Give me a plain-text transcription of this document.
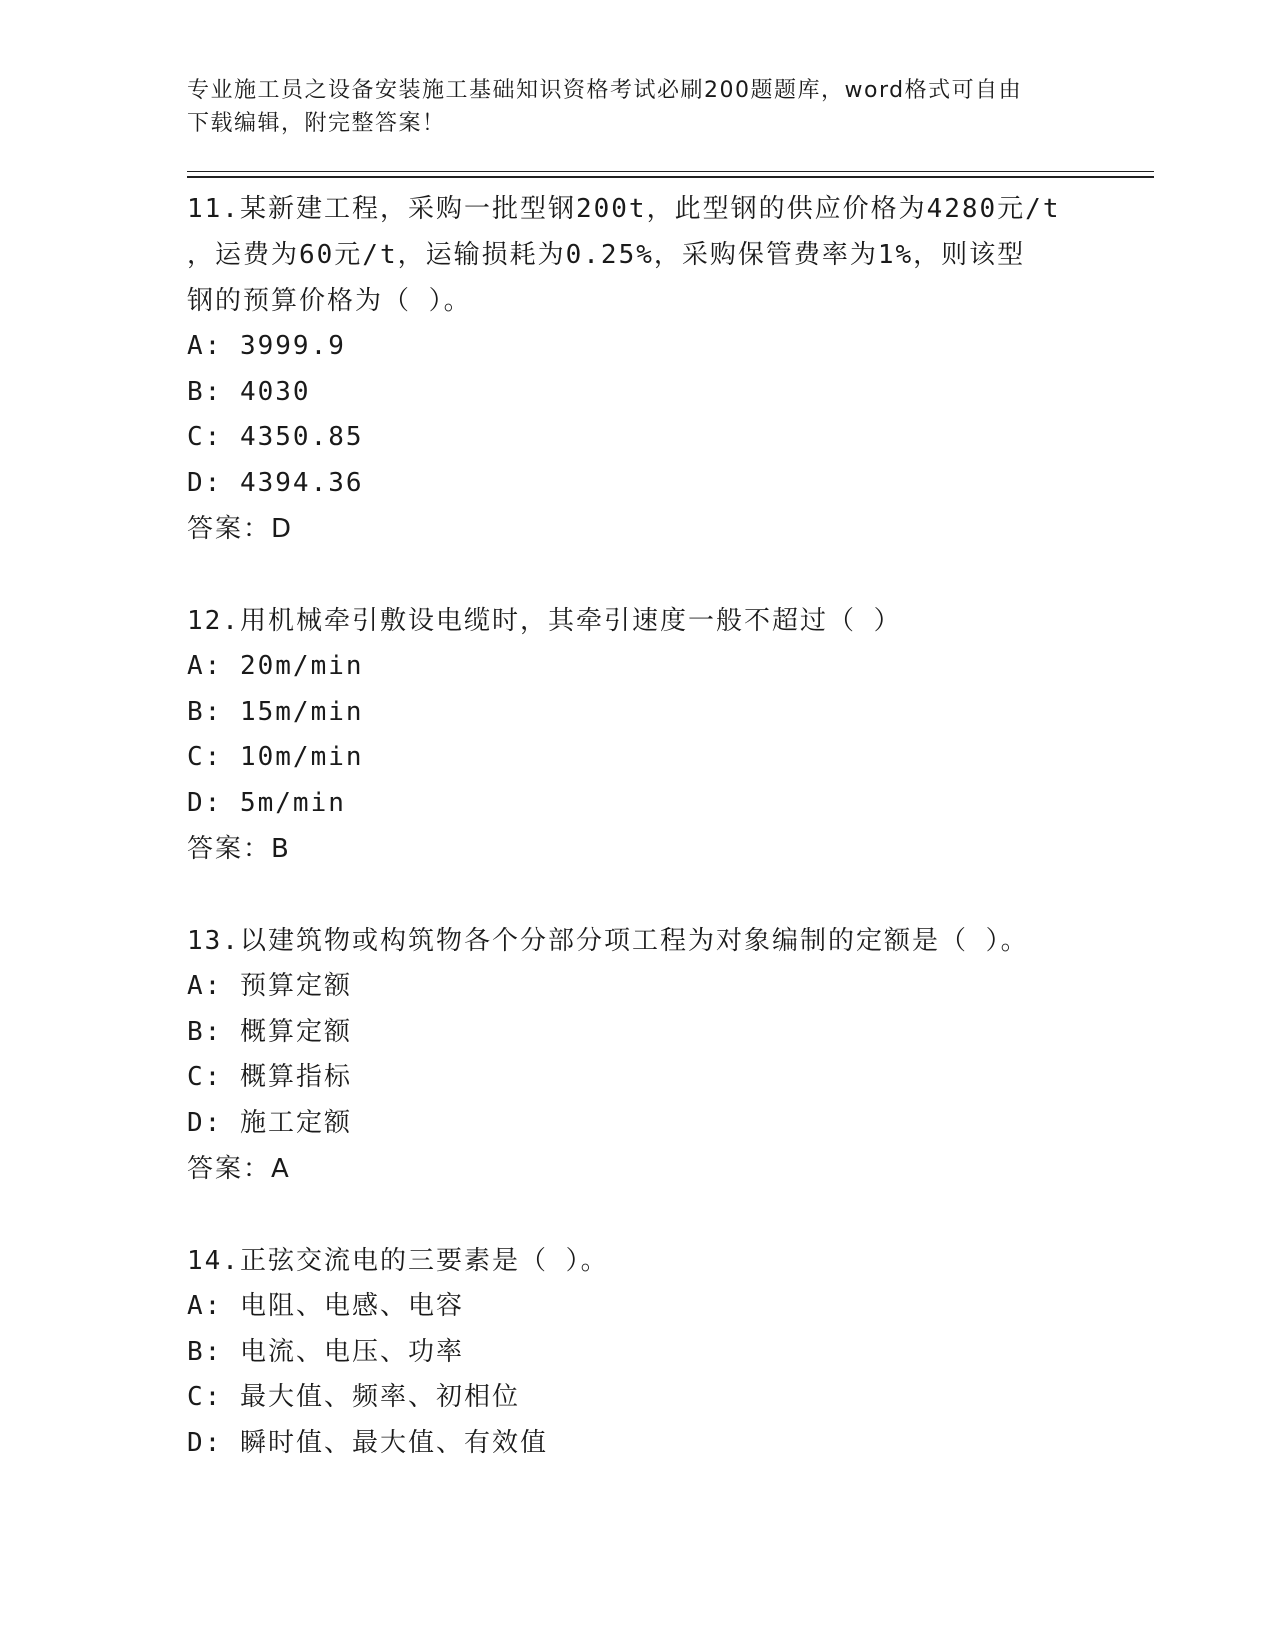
专业施工员之设备安装施工基础知识资格考试必刷200题题库，word格式可自由
下载编辑，附完整答案！

11.某新建工程，采购一批型钢200t，此型钢的供应价格为4280元/t

，运费为60元/t，运输损耗为0.25%，采购保管费率为1%，则该型

钢的预算价格为（ ）。

A: 3999.9

B: 4030

C: 4350.85

D: 4394.36

答案：D

12.用机械牵引敷设电缆时，其牵引速度一般不超过（ ）

A: 20m/min

B: 15m/min

C: 10m/min

D: 5m/min

答案：B

13.以建筑物或构筑物各个分部分项工程为对象编制的定额是（ ）。

A: 预算定额

B: 概算定额

C: 概算指标

D: 施工定额

答案：A

14.正弦交流电的三要素是（ ）。

A: 电阻、电感、电容

B: 电流、电压、功率

C: 最大值、频率、初相位

D: 瞬时值、最大值、有效值
